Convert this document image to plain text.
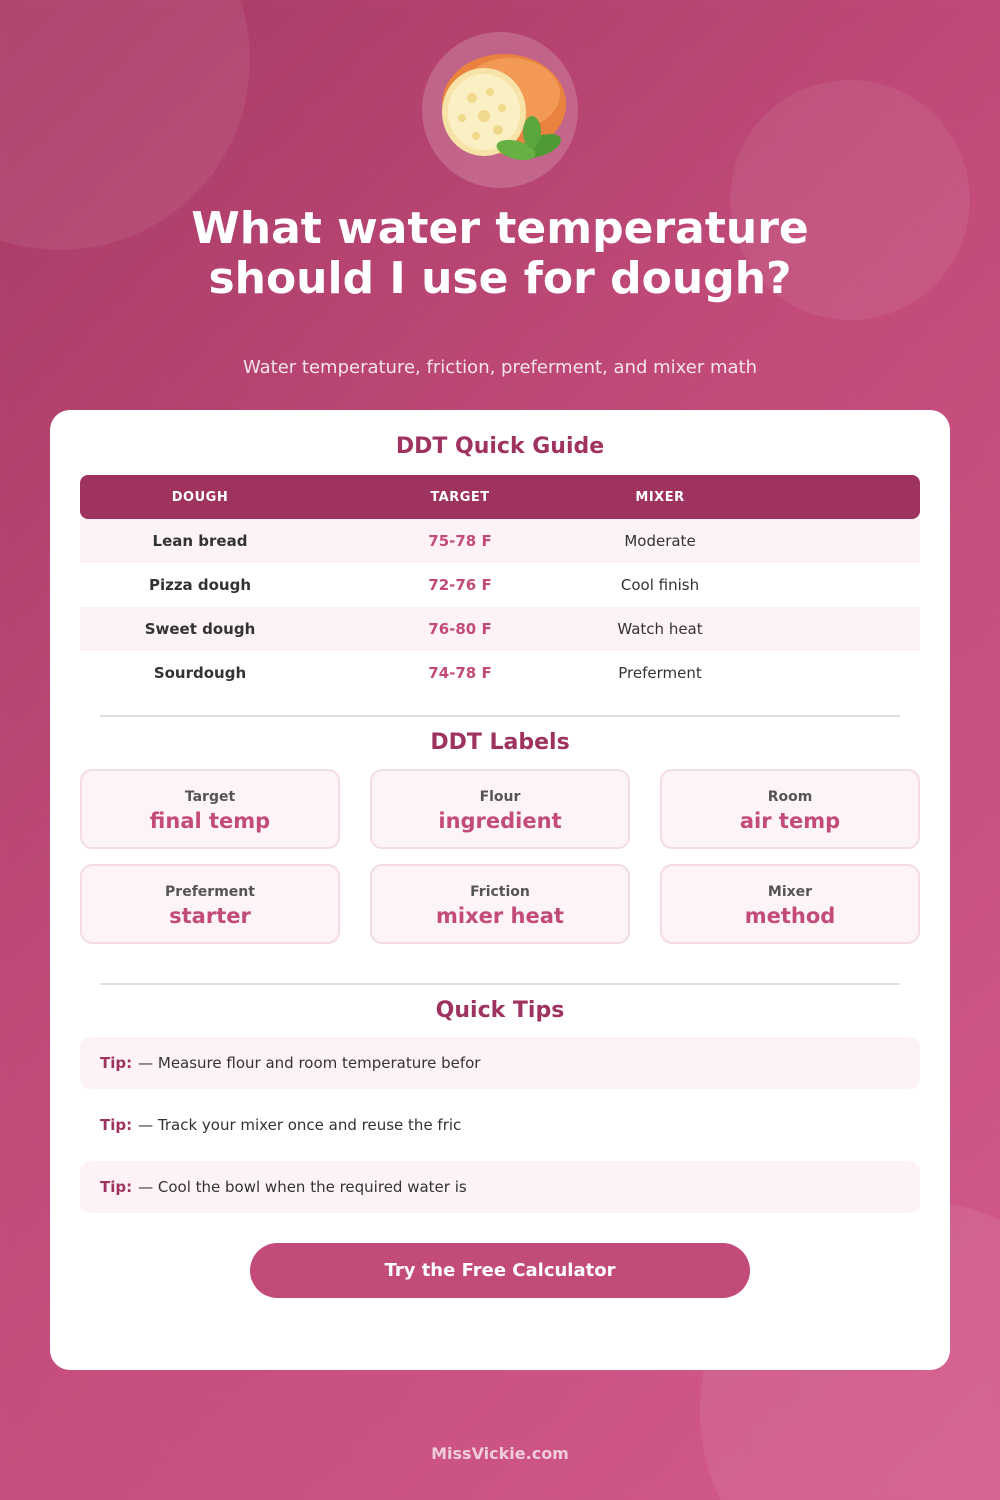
What water temperature
should I use for dough?
Water temperature, friction, preferment, and mixer math
DDT Quick Guide
DOUGH	TARGET	MIXER
Lean bread	75-78 F	Moderate
Pizza dough	72-76 F	Cool finish
Sweet dough	76-80 F	Watch heat
Sourdough	74-78 F	Preferment
DDT Labels
Target
final temp
Flour
ingredient
Room
air temp
Preferment
starter
Friction
mixer heat
Mixer
method
Quick Tips
Tip: — Measure flour and room temperature befor
Tip: — Track your mixer once and reuse the fric
Tip: — Cool the bowl when the required water is
Try the Free Calculator
MissVickie.com
